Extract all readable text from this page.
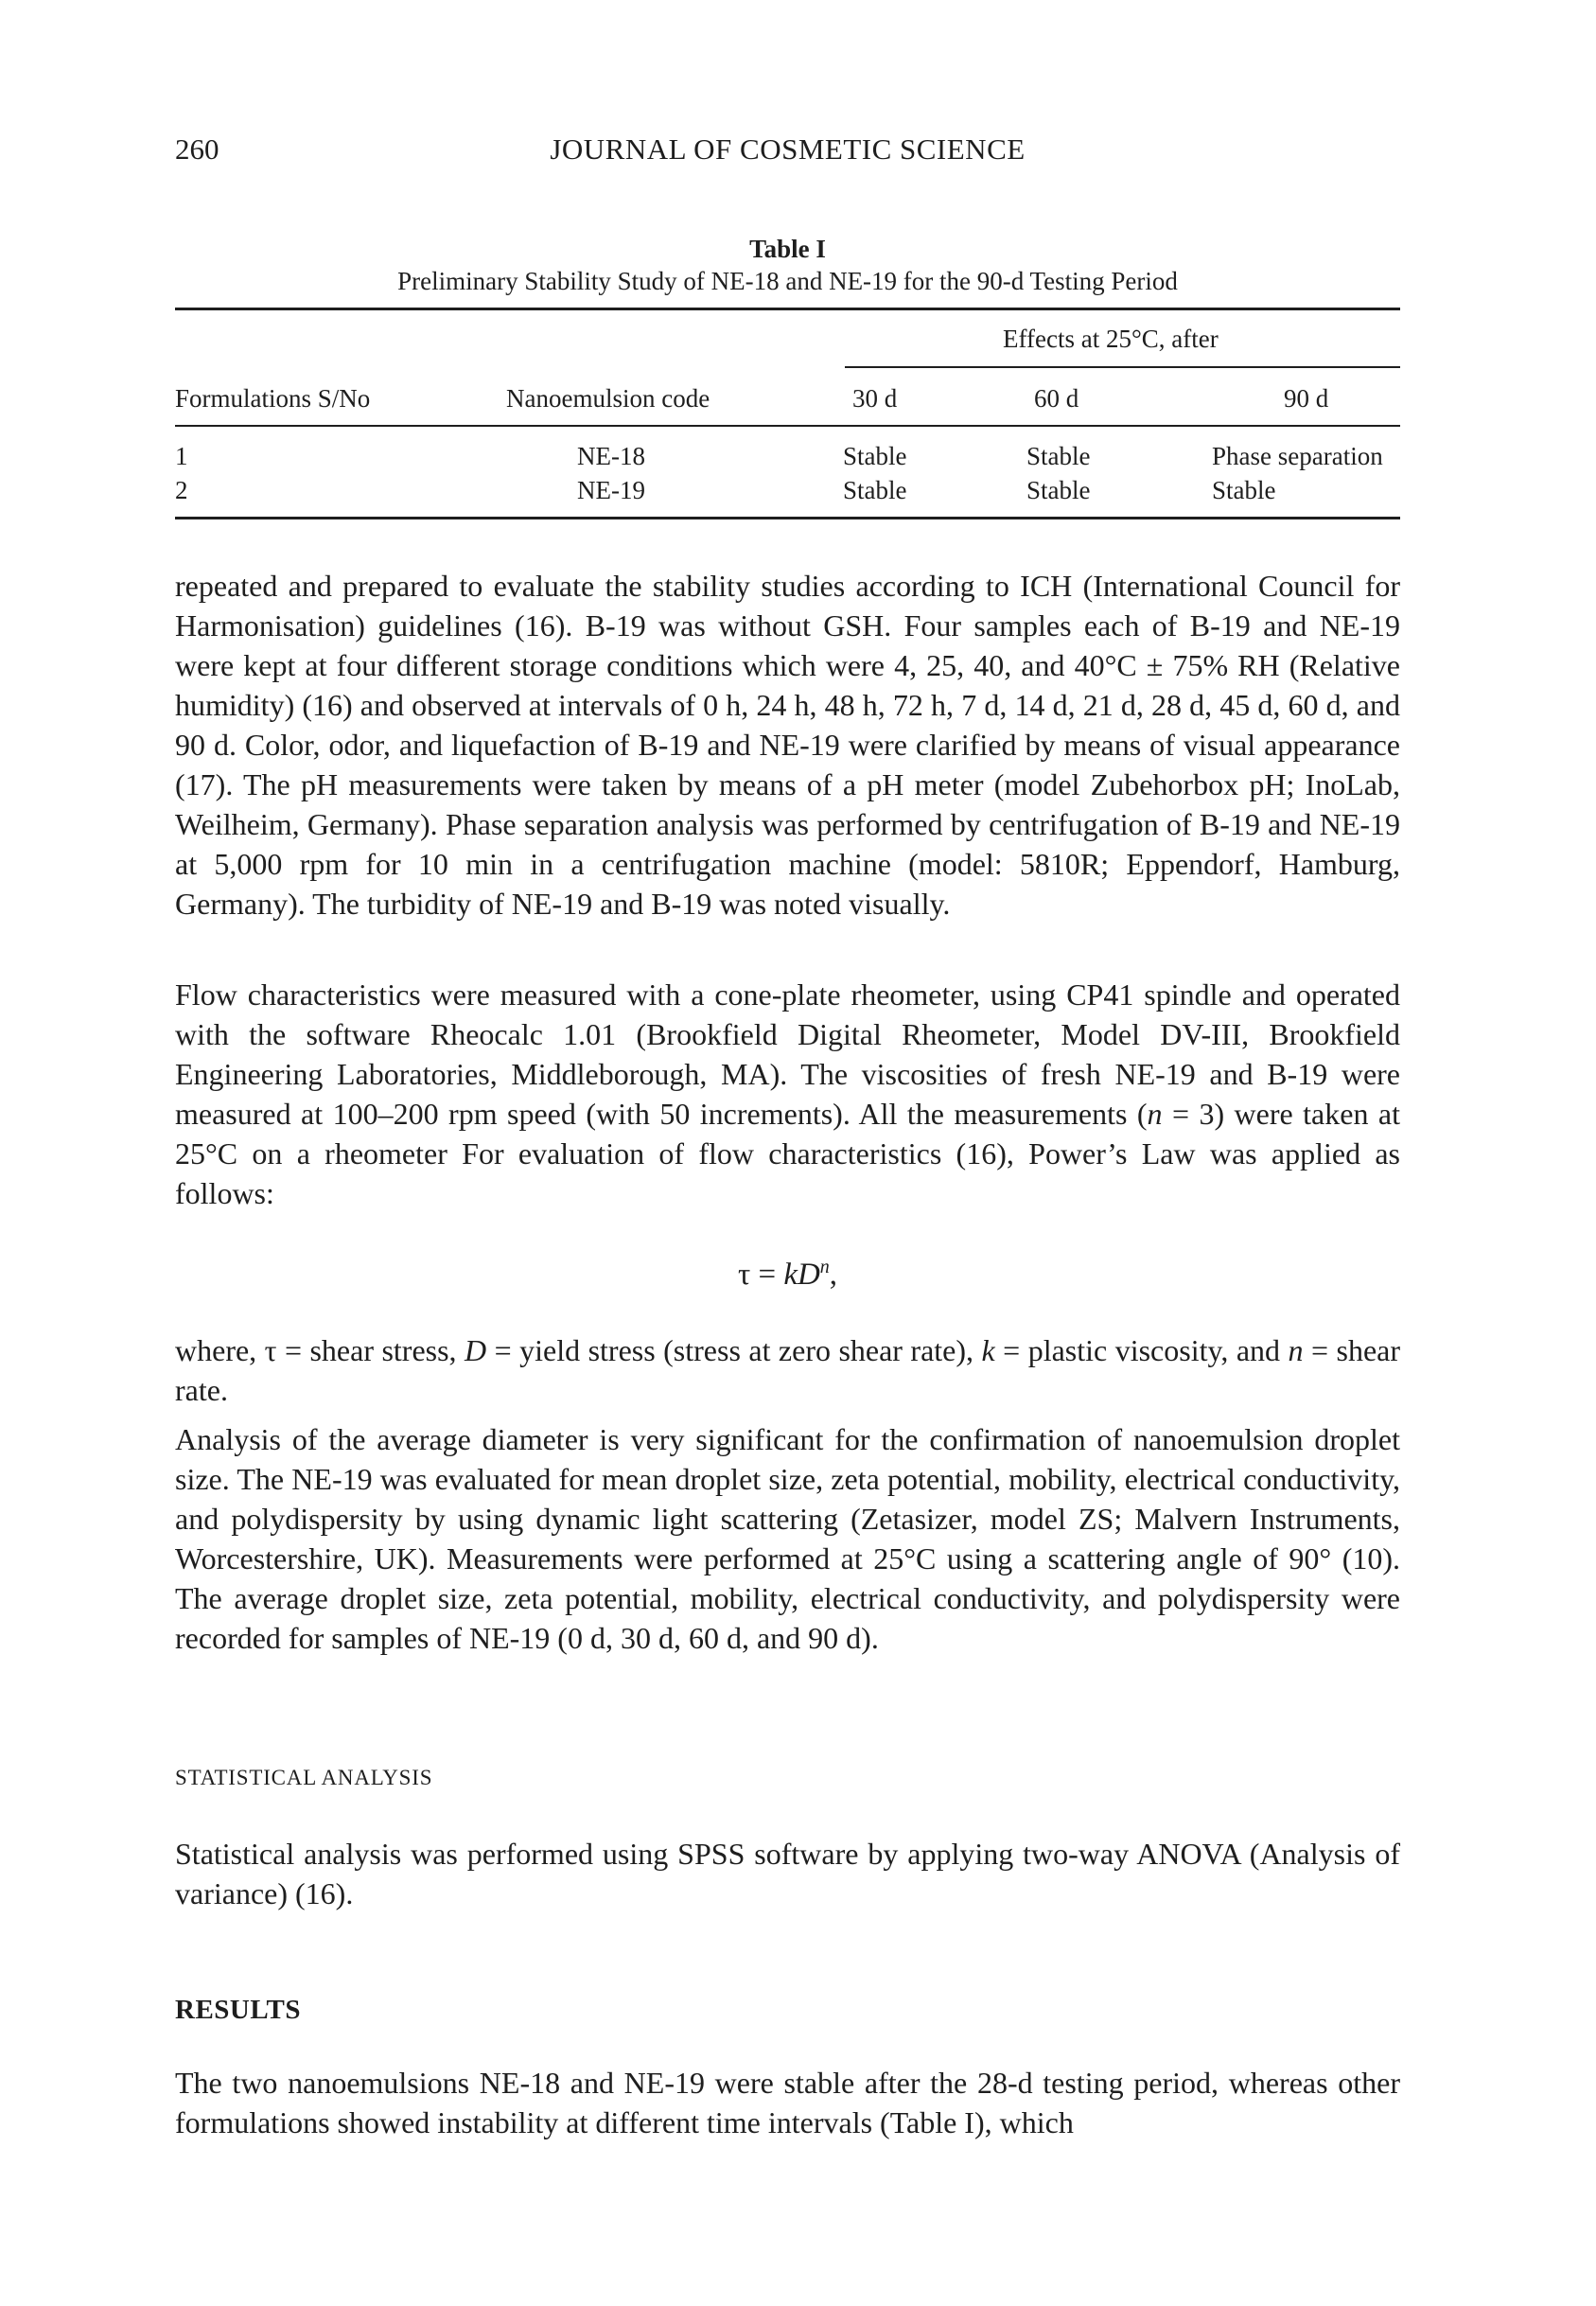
260	JOURNAL OF COSMETIC SCIENCE
Table I
Preliminary Stability Study of NE-18 and NE-19 for the 90-d Testing Period
Effects at 25°C, after
Formulations S/No	Nanoemulsion code	30 d	60 d	90 d
1	NE-18	Stable	Stable	Phase separation
2	NE-19	Stable	Stable	Stable

repeated and prepared to evaluate the stability studies according to ICH (International Council for Harmonisation) guidelines (16). B-19 was without GSH. Four samples each of B-19 and NE-19 were kept at four different storage conditions which were 4, 25, 40, and 40°C ± 75% RH (Relative humidity) (16) and observed at intervals of 0 h, 24 h, 48 h, 72 h, 7 d, 14 d, 21 d, 28 d, 45 d, 60 d, and 90 d. Color, odor, and liquefaction of B-19 and NE-19 were clarified by means of visual appearance (17). The pH measurements were taken by means of a pH meter (model Zubehorbox pH; InoLab, Weilheim, Germany). Phase separation analysis was performed by centrifugation of B-19 and NE-19 at 5,000 rpm for 10 min in a centrifugation machine (model: 5810R; Eppendorf, Hamburg, Germany). The turbidity of NE-19 and B-19 was noted visually.

Flow characteristics were measured with a cone-plate rheometer, using CP41 spindle and operated with the software Rheocalc 1.01 (Brookfield Digital Rheometer, Model DV-III, Brookfield Engineering Laboratories, Middleborough, MA). The viscosities of fresh NE-19 and B-19 were measured at 100–200 rpm speed (with 50 increments). All the measurements (n = 3) were taken at 25°C on a rheometer For evaluation of flow characteristics (16), Power’s Law was applied as follows:

$\tau = kD^n$,

where, τ = shear stress, D = yield stress (stress at zero shear rate), k = plastic viscosity, and n = shear rate.

Analysis of the average diameter is very significant for the confirmation of nanoemulsion droplet size. The NE-19 was evaluated for mean droplet size, zeta potential, mobility, electrical conductivity, and polydispersity by using dynamic light scattering (Zetasizer, model ZS; Malvern Instruments, Worcestershire, UK). Measurements were performed at 25°C using a scattering angle of 90° (10). The average droplet size, zeta potential, mobility, electrical conductivity, and polydispersity were recorded for samples of NE-19 (0 d, 30 d, 60 d, and 90 d).

STATISTICAL ANALYSIS

Statistical analysis was performed using SPSS software by applying two-way ANOVA (Analysis of variance) (16).

RESULTS

The two nanoemulsions NE-18 and NE-19 were stable after the 28-d testing period, whereas other formulations showed instability at different time intervals (Table I), which
